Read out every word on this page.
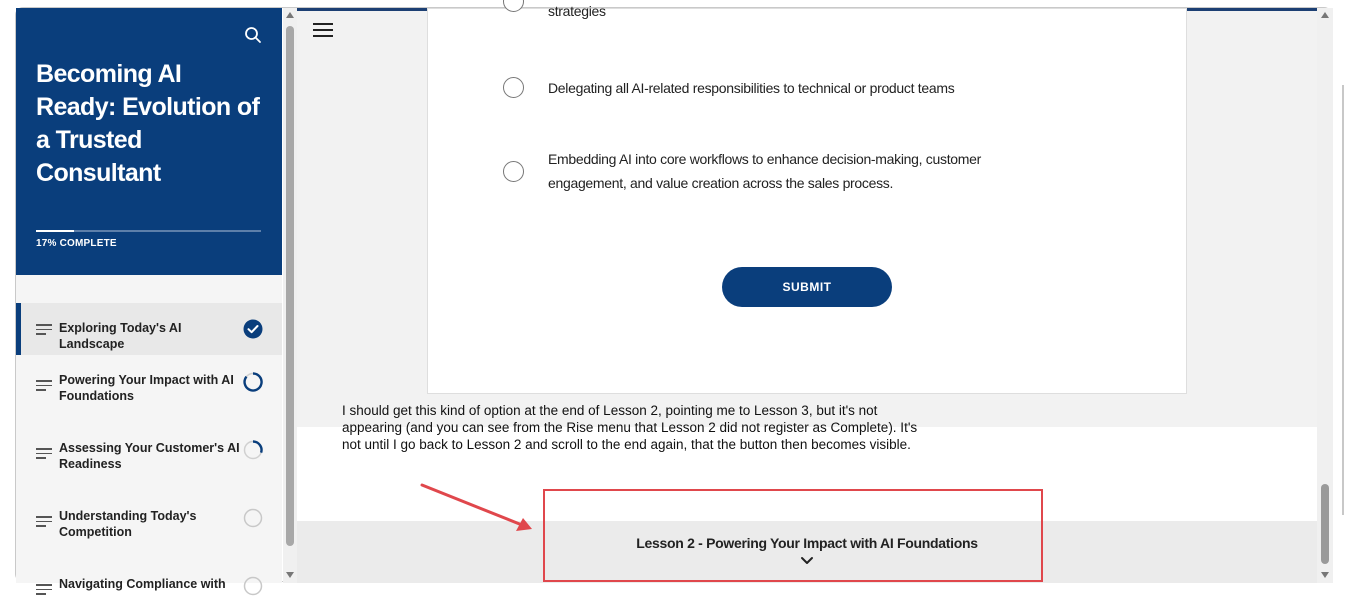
Becoming AI Ready: Evolution of a Trusted Consultant
17% COMPLETE
Exploring Today's AI Landscape
Powering Your Impact with AI Foundations
Assessing Your Customer's AI Readiness
Understanding Today's Competition
Navigating Compliance with
strategies
Delegating all AI-related responsibilities to technical or product teams
Embedding AI into core workflows to enhance decision-making, customer engagement, and value creation across the sales process.
SUBMIT
I should get this kind of option at the end of Lesson 2, pointing me to Lesson 3, but it's not appearing (and you can see from the Rise menu that Lesson 2 did not register as Complete). It's not until I go back to Lesson 2 and scroll to the end again, that the button then becomes visible.
Lesson 2 - Powering Your Impact with AI Foundations
